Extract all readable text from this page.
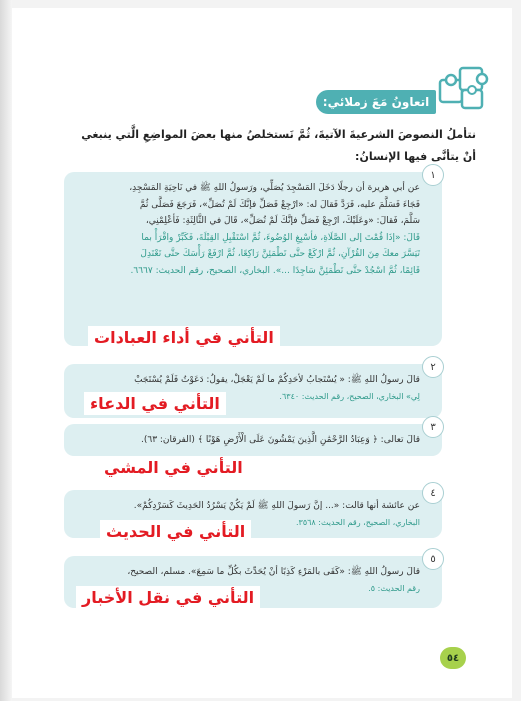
اتعاونُ مَعَ زملائي:
نتأملُ النصوصَ الشرعيةَ الآتيةَ، ثُمَّ نَستخلصُ منها بعضَ المواضِعِ الَّتي ينبغي أنْ يتأنَّى فيها الإنسانُ:
١
عن أبي هريرة أن رجلًا دَخَلَ المَسْجِدَ يُصَلِّي، ورَسولُ اللهِ ﷺ في نَاحِيَةِ المَسْجِدِ،
فَجَاءَ فَسَلَّمَ عليه، فَرَدَّ فَقالَ له: «ارْجِعْ فَصَلِّ فإنَّكَ لَمْ تُصَلِّ»، فَرَجَعَ فَصَلَّى ثُمَّ
سَلَّمَ، فَقالَ: «وعَلَيْكَ، ارْجِعْ فَصَلِّ فإنَّكَ لَمْ تُصَلِّ»، قَالَ في الثَّالِثَةِ: فَأعْلِمْنِي،
قَالَ: «إذَا قُمْتَ إلى الصَّلَاةِ، فأسْبِغِ الوُضُوءَ، ثُمَّ اسْتَقْبِلِ القِبْلَةَ، فَكَبِّرْ واقْرَأْ بما
تَيَسَّرَ معكَ مِنَ القُرْآنِ، ثُمَّ ارْكَعْ حتَّى تَطْمَئِنَّ رَاكِعًا، ثُمَّ ارْفَعْ رَأْسَكَ حتَّى تَعْتَدِلَ
قَائِمًا، ثُمَّ اسْجُدْ حتَّى تَطْمَئِنَّ سَاجِدًا ...». البخاري، الصحيح، رقم الحديث: ٦٦٦٧.
التأني في أداء العبادات
٢
قالَ رسولُ اللهِ ﷺ: « يُسْتَجابُ لأحَدِكُمْ ما لَمْ يَعْجَلْ، يقولُ: دَعَوْتُ فَلَمْ يُسْتَجَبْ
لِي» البخاري، الصحيح، رقم الحديث: ٦٣٤٠.
التأني في الدعاء
٣
قالَ تعالى: ﴿ وَعِبَادُ الرَّحْمَٰنِ الَّذِينَ يَمْشُونَ عَلَى الْأَرْضِ هَوْنًا ﴾ (الفرقان: ٦٣).
التأني في المشي
٤
عن عائشة أنها قالت: «... إنَّ رَسولَ اللهِ ﷺ لَمْ يَكُنْ يَسْرُدُ الحَدِيثَ كَسَرْدِكُمْ».
البخاري، الصحيح، رقم الحديث: ٣٥٦٨.
التأني في الحديث
٥
قالَ رسولُ اللهِ ﷺ: «كَفَى بالمَرْءِ كَذِبًا أنْ يُحَدِّثَ بكُلِّ ما سَمِعَ». مسلم، الصحيح،
رقم الحديث: ٥.
التأني في نقل الأخبار
٥٤
